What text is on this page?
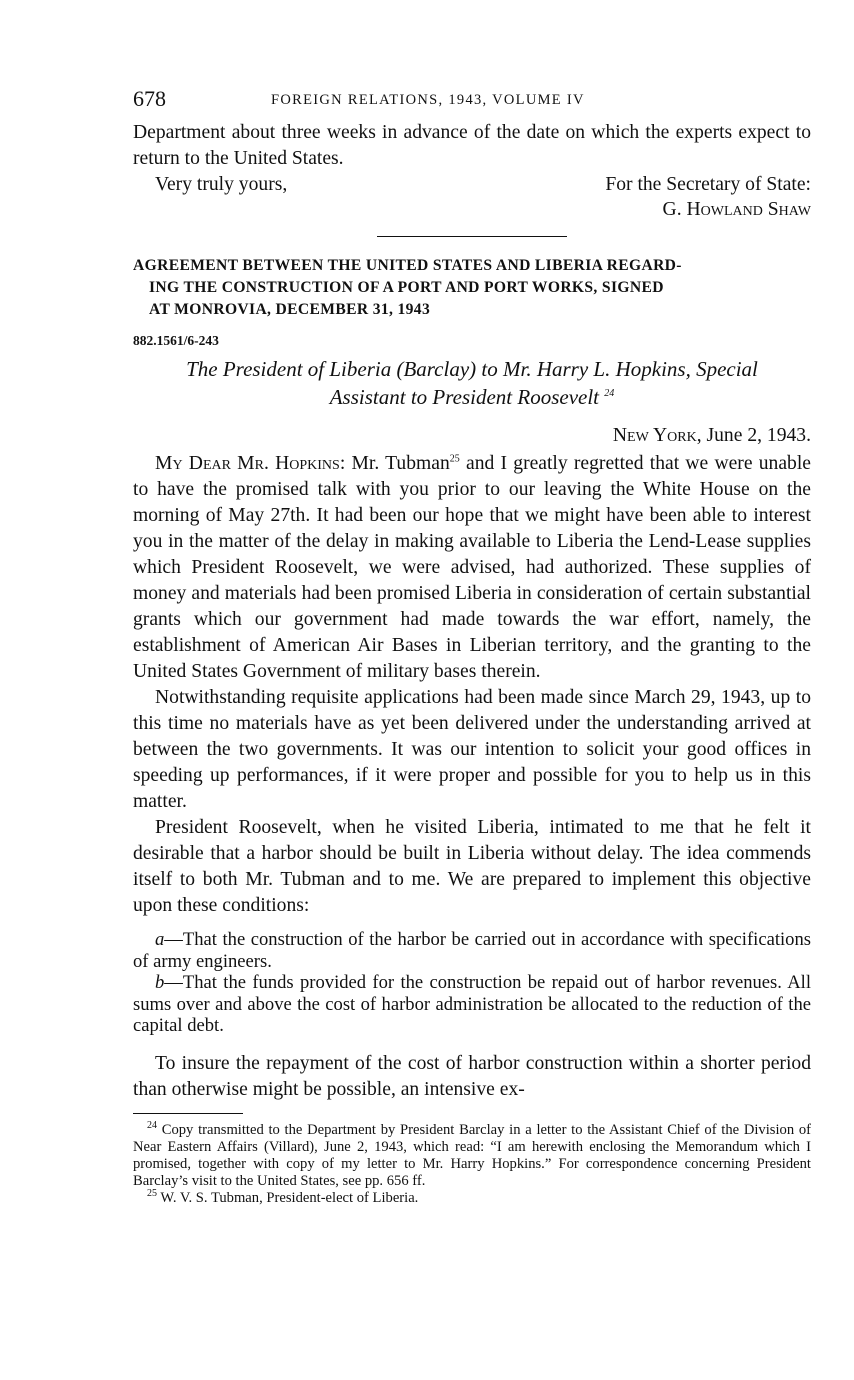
678	FOREIGN RELATIONS, 1943, VOLUME IV

Department about three weeks in advance of the date on which the experts expect to return to the United States.

Very truly yours,	For the Secretary of State:
G. Howland Shaw

AGREEMENT BETWEEN THE UNITED STATES AND LIBERIA REGARD-

ING THE CONSTRUCTION OF A PORT AND PORT WORKS, SIGNED
AT MONROVIA, DECEMBER 31, 1943

882.1561/6-243
The President of Liberia (Barclay) to Mr. Harry L. Hopkins, Special
Assistant to President Roosevelt $^{24}$

New York, June 2, 1943.

My Dear Mr. Hopkins: Mr. Tubman$^{25}$ and I greatly regretted that we were unable to have the promised talk with you prior to our leaving the White House on the morning of May 27th. It had been our hope that we might have been able to interest you in the matter of the delay in making available to Liberia the Lend-Lease supplies which President Roosevelt, we were advised, had authorized. These supplies of money and materials had been promised Liberia in consideration of certain substantial grants which our government had made towards the war effort, namely, the establishment of American Air Bases in Liberian territory, and the granting to the United States Government of military bases therein.

Notwithstanding requisite applications had been made since March 29, 1943, up to this time no materials have as yet been delivered under the understanding arrived at between the two governments. It was our intention to solicit your good offices in speeding up performances, if it were proper and possible for you to help us in this matter.

President Roosevelt, when he visited Liberia, intimated to me that he felt it desirable that a harbor should be built in Liberia without delay. The idea commends itself to both Mr. Tubman and to me. We are prepared to implement this objective upon these conditions:

a—That the construction of the harbor be carried out in accordance with specifications of army engineers.

b—That the funds provided for the construction be repaid out of harbor revenues. All sums over and above the cost of harbor administration be allocated to the reduction of the capital debt.

To insure the repayment of the cost of harbor construction within a shorter period than otherwise might be possible, an intensive ex-

$^{24}$ Copy transmitted to the Department by President Barclay in a letter to the Assistant Chief of the Division of Near Eastern Affairs (Villard), June 2, 1943, which read: “I am herewith enclosing the Memorandum which I promised, together with copy of my letter to Mr. Harry Hopkins.” For correspondence concerning President Barclay’s visit to the United States, see pp. 656 ff.

$^{25}$ W. V. S. Tubman, President-elect of Liberia.
